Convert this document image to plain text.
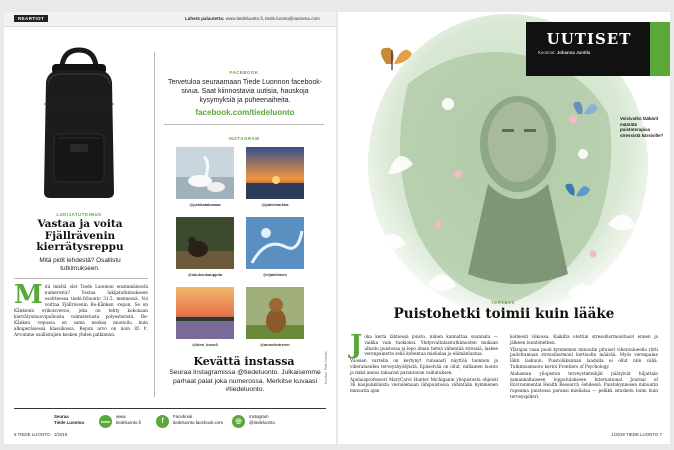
REARTIOT	Lähetä palautetta: www.tiedeluonto.fi, tiede.luonto@sanoma.com
LUKIJATUTKIMUS
Vastaa ja voita Fjällrävenin kierrätysreppu
Mitä pidit lehdestä? Osallistu tutkimukseen.
Mitä mieltä olet Tiede Luonnon ensimmäisestä numerosta? Vastaa lukijatutkimukseen osoitteessa tiede.fi/luonto 31.5. mennessä. Voi voittaa Fjällrävenin Re-Kånken -repun. Se on Kånkenin erikoisversio, joka on tehty kokonaan kierrätysmuovipulloista valmistetusta polyesteristä. Re-Kånken -repussa on sama neoksa muotoilu kuin alkuperäisessä klassikossa. Repun arvo on noin 85 €. Arvomme osallistujien kesken yhden palkinnon.
FACEBOOK
Tervetuloa seuraamaan Tiede Luonnon facebook-sivua. Saat kiinnostavia uutisia, hauskoja kysymyksiä ja puheenaiheita.
facebook.com/tiedeluonto
INSTAGRAM
@pekkatakamaa	@paivimarkka
@skukonkauppila	@rijaleitmen
@kimi_koso0	@annotrotrever
Kevättä instassa
Seuraa Instagramissa @tiedeluonto. Julkaisemme parhaat palat joka numerossa. Merkitse kuvaasi #tiedeluonto.
Seuraa
Tiede Luontoa	www
www.
tiedeluonto.fi	f
Facebook
tiedeluonto.facebook.com	◎
Instagram
@tiedeluonto
6 TIEDE LUONTO · 1/2019
UUTISET
Koonnut: Johanna Juntila
Voisivatko lääkärit määrätä puistoterapiaa stressistä kärsiville?
Kuvitus: Petri Nuotio
TERVEYS
Puistohetki toimii kuin lääke
J oka kerta lähtiessä puisto, niinen kannattaa suunnata — vaikka vain tuokioksi. Yhdysvaltalaistutkimusten mukaan ulkoilu puistossa ja lepo ilman tieteä vähentää stressiä, laskee verenpainetta sekä kohentaa mielialaa ja elämänlaatua.

Vuosien varrella on kertynyt runsaasti näyttöä luonnon ja viheralueiden terveyshyödyistä. Epäselvää on ollut, millainen luonto ja mikä annos takaavat parantavan vaikutuksen.

Apulaisprofessori MaryCarol Hunter Michiganin yliopistosta ohjeisti 36 kaupunkilaista vierailemaan lähipuistossa vähintään kymmenen minuutin ajan

kolmesti viikossa. Kaikilta otettiin stressihormonitasot ennen ja jälkeen luontohetken.

Ylärajan vaan puoli kymmenen minuutin pituiset viheroalueella riitti pudottamaan stressihormoni kortisolin määrää. Myös verenpaine lähti laskuun. Puistoliikunnan laadulla ei ollut niin väliä. Tutkimusmuoto kertoi Frontiers of Psychology.

Alabaman yliopiston terveystieteilijät päätyivät hiljattain samankaltaiseen lopputulokseen International Journal of Environmental Health Research -lehdessä. Puistokynnesen minuutin rupeama puistossa paransi mielialaa — pelkkä istuskelu toimi kuin terveyspilleri.

1/2019 TIEDE LUONTO 7
